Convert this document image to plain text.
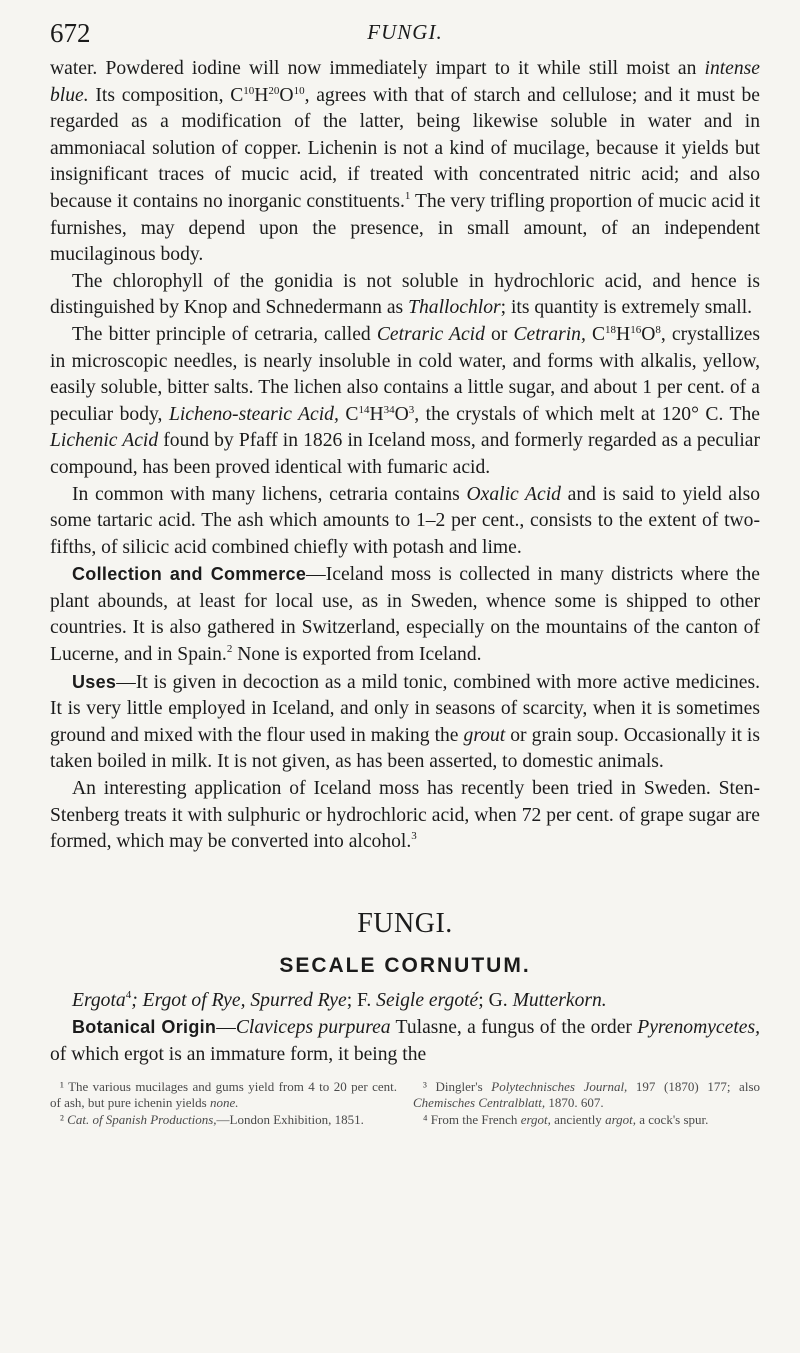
672	FUNGI.

water. Powdered iodine will now immediately impart to it while still moist an intense blue. Its composition, $C^{10}H^{20}O^{10}$, agrees with that of starch and cellulose; and it must be regarded as a modification of the latter, being likewise soluble in water and in ammoniacal solution of copper. Lichenin is not a kind of mucilage, because it yields but insignificant traces of mucic acid, if treated with concentrated nitric acid; and also because it contains no inorganic constituents.$^1$ The very trifling proportion of mucic acid it furnishes, may depend upon the presence, in small amount, of an independent mucilaginous body.

The chlorophyll of the gonidia is not soluble in hydrochloric acid, and hence is distinguished by Knop and Schnedermann as Thallochlor; its quantity is extremely small.

The bitter principle of cetraria, called Cetraric Acid or Cetrarin, $C^{18}H^{16}O^8$, crystallizes in microscopic needles, is nearly insoluble in cold water, and forms with alkalis, yellow, easily soluble, bitter salts. The lichen also contains a little sugar, and about 1 per cent. of a peculiar body, Licheno-stearic Acid, $C^{14}H^{34}O^3$, the crystals of which melt at 120° C. The Lichenic Acid found by Pfaff in 1826 in Iceland moss, and formerly regarded as a peculiar compound, has been proved identical with fumaric acid.

In common with many lichens, cetraria contains Oxalic Acid and is said to yield also some tartaric acid. The ash which amounts to 1–2 per cent., consists to the extent of two-fifths, of silicic acid combined chiefly with potash and lime.

Collection and Commerce—Iceland moss is collected in many districts where the plant abounds, at least for local use, as in Sweden, whence some is shipped to other countries. It is also gathered in Switzerland, especially on the mountains of the canton of Lucerne, and in Spain.$^2$ None is exported from Iceland.

Uses—It is given in decoction as a mild tonic, combined with more active medicines. It is very little employed in Iceland, and only in seasons of scarcity, when it is sometimes ground and mixed with the flour used in making the grout or grain soup. Occasionally it is taken boiled in milk. It is not given, as has been asserted, to domestic animals.

An interesting application of Iceland moss has recently been tried in Sweden. Sten-Stenberg treats it with sulphuric or hydrochloric acid, when 72 per cent. of grape sugar are formed, which may be converted into alcohol.$^3$

FUNGI.
SECALE CORNUTUM.

Ergota$^4$; Ergot of Rye, Spurred Rye; F. Seigle ergoté; G. Mutterkorn.

Botanical Origin—Claviceps purpurea Tulasne, a fungus of the order Pyrenomycetes, of which ergot is an immature form, it being the

¹ The various mucilages and gums yield from 4 to 20 per cent. of ash, but pure ichenin yields none.
² Cat. of Spanish Productions,—London Exhibition, 1851.
³ Dingler's Polytechnisches Journal, 197 (1870) 177; also Chemisches Centralblatt, 1870. 607.
⁴ From the French ergot, anciently argot, a cock's spur.
